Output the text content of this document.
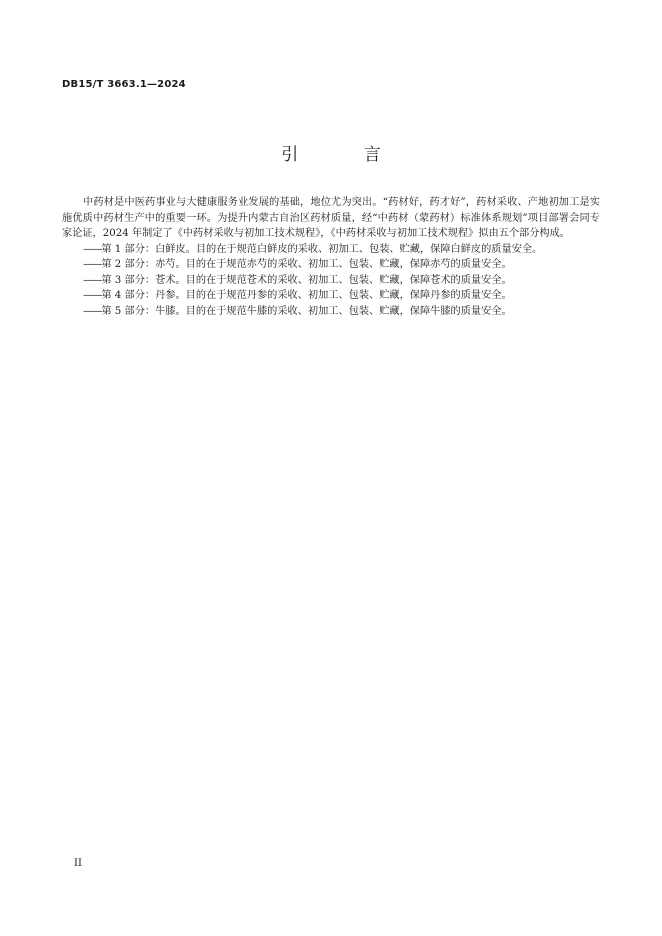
DB15/T 3663.1—2024
引 言

中药材是中医药事业与大健康服务业发展的基础，地位尤为突出。“药材好，药才好”，药材采收、产地初加工是实施优质中药材生产中的重要一环。为提升内蒙古自治区药材质量，经“中药材（蒙药材）标准体系规划”项目部署会同专家论证，2024 年制定了《中药材采收与初加工技术规程》，《中药材采收与初加工技术规程》拟由五个部分构成。

——第 1 部分：白鲜皮。目的在于规范白鲜皮的采收、初加工、包装、贮藏，保障白鲜皮的质量安全。

——第 2 部分：赤芍。目的在于规范赤芍的采收、初加工、包装、贮藏，保障赤芍的质量安全。

——第 3 部分：苍术。目的在于规范苍术的采收、初加工、包装、贮藏，保障苍术的质量安全。

——第 4 部分：丹参。目的在于规范丹参的采收、初加工、包装、贮藏，保障丹参的质量安全。

——第 5 部分：牛膝。目的在于规范牛膝的采收、初加工、包装、贮藏，保障牛膝的质量安全。

II
